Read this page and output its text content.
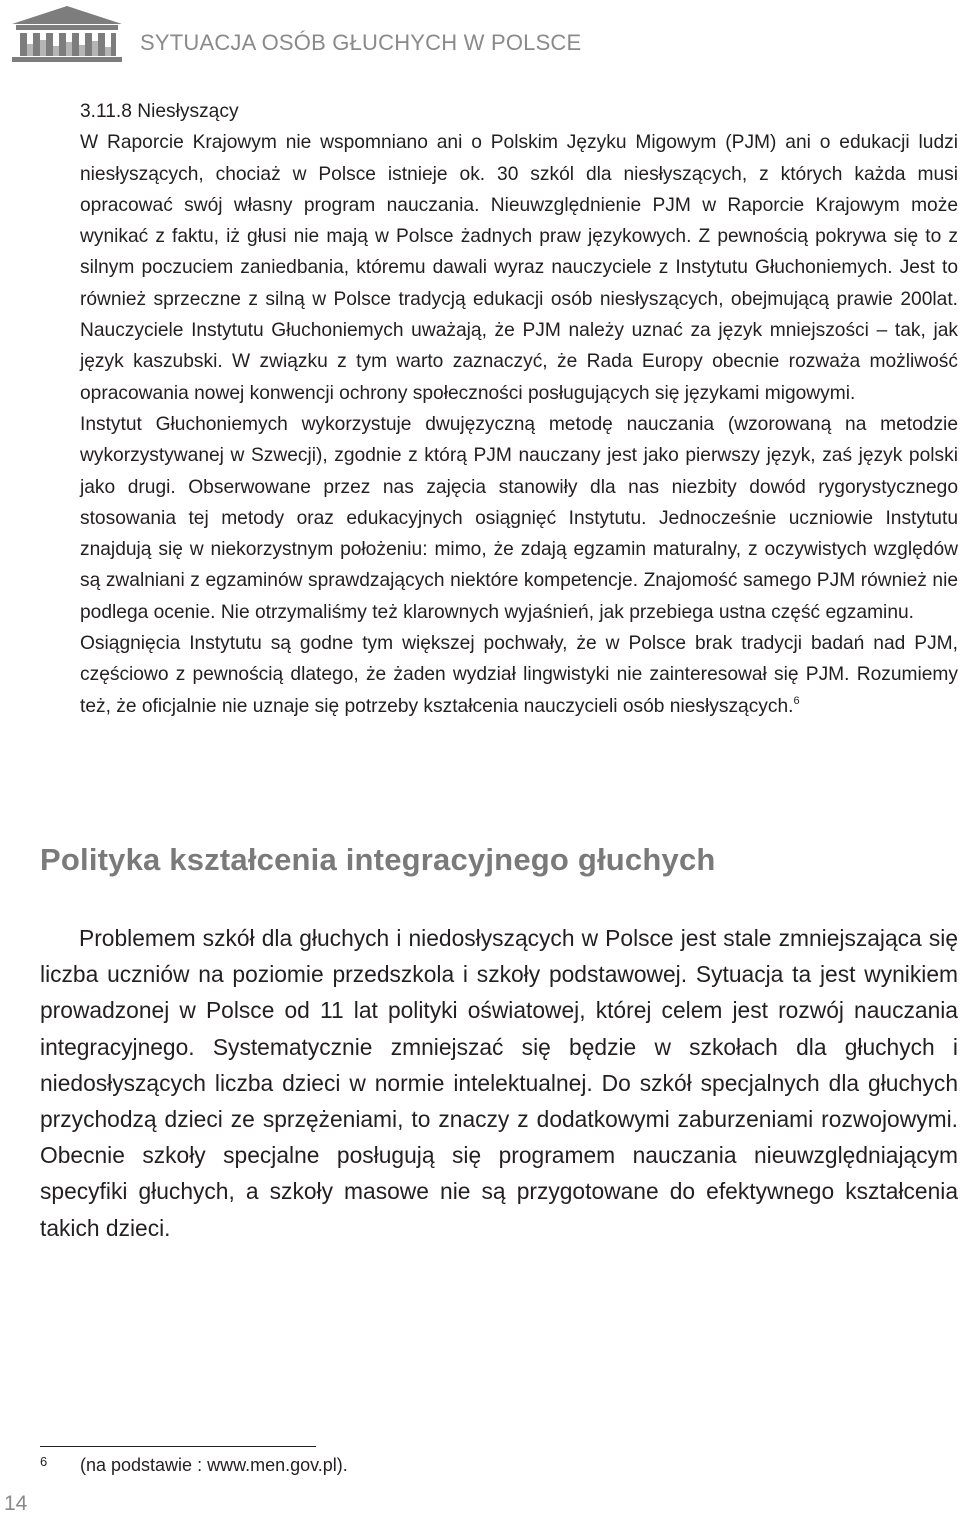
SYTUACJA OSÓB GŁUCHYCH W POLSCE

3.11.8 Niesłyszący

W Raporcie Krajowym nie wspomniano ani o Polskim Języku Migowym (PJM) ani o edukacji ludzi niesłyszących, chociaż w Polsce istnieje ok. 30 szkól dla niesłyszących, z których każda musi opracować swój własny program nauczania. Nieuwzględnienie PJM w Raporcie Krajowym może wynikać z faktu, iż głusi nie mają w Polsce żadnych praw językowych. Z pewnością pokrywa się to z silnym poczuciem zaniedbania, któremu dawali wyraz nauczyciele z Instytutu Głuchoniemych. Jest to również sprzeczne z silną w Polsce tradycją edukacji osób niesłyszących, obejmującą prawie 200lat. Nauczyciele Instytutu Głuchoniemych uważają, że PJM należy uznać za język mniejszości – tak, jak język kaszubski. W związku z tym warto zaznaczyć, że Rada Europy obecnie rozważa możliwość opracowania nowej konwencji ochrony społeczności posługujących się językami migowymi.

Instytut Głuchoniemych wykorzystuje dwujęzyczną metodę nauczania (wzorowaną na metodzie wykorzystywanej w Szwecji), zgodnie z którą PJM nauczany jest jako pierwszy język, zaś język polski jako drugi. Obserwowane przez nas zajęcia stanowiły dla nas niezbity dowód rygorystycznego stosowania tej metody oraz edukacyjnych osiągnięć Instytutu. Jednocześnie uczniowie Instytutu znajdują się w niekorzystnym położeniu: mimo, że zdają egzamin maturalny, z oczywistych względów są zwalniani z egzaminów sprawdzających niektóre kompetencje. Znajomość samego PJM również nie podlega ocenie. Nie otrzymaliśmy też klarownych wyjaśnień, jak przebiega ustna część egzaminu.

Osiągnięcia Instytutu są godne tym większej pochwały, że w Polsce brak tradycji badań nad PJM, częściowo z pewnością dlatego, że żaden wydział lingwistyki nie zainteresował się PJM. Rozumiemy też, że oficjalnie nie uznaje się potrzeby kształcenia nauczycieli osób niesłyszących.$^6$

Polityka kształcenia integracyjnego głuchych

Problemem szkół dla głuchych i niedosłyszących w Polsce jest stale zmniejszająca się liczba uczniów na poziomie przedszkola i szkoły podstawowej. Sytuacja ta jest wynikiem prowadzonej w Polsce od 11 lat polityki oświatowej, której celem jest rozwój nauczania integracyjnego. Systematycznie zmniejszać się będzie w szkołach dla głuchych i niedosłyszących liczba dzieci w normie intelektualnej. Do szkół specjalnych dla głuchych przychodzą dzieci ze sprzężeniami, to znaczy z dodatkowymi zaburzeniami rozwojowymi. Obecnie szkoły specjalne posługują się programem nauczania nieuwzględniającym specyfiki głuchych, a szkoły masowe nie są przygotowane do efektywnego kształcenia takich dzieci.

6 (na podstawie : www.men.gov.pl).
14
